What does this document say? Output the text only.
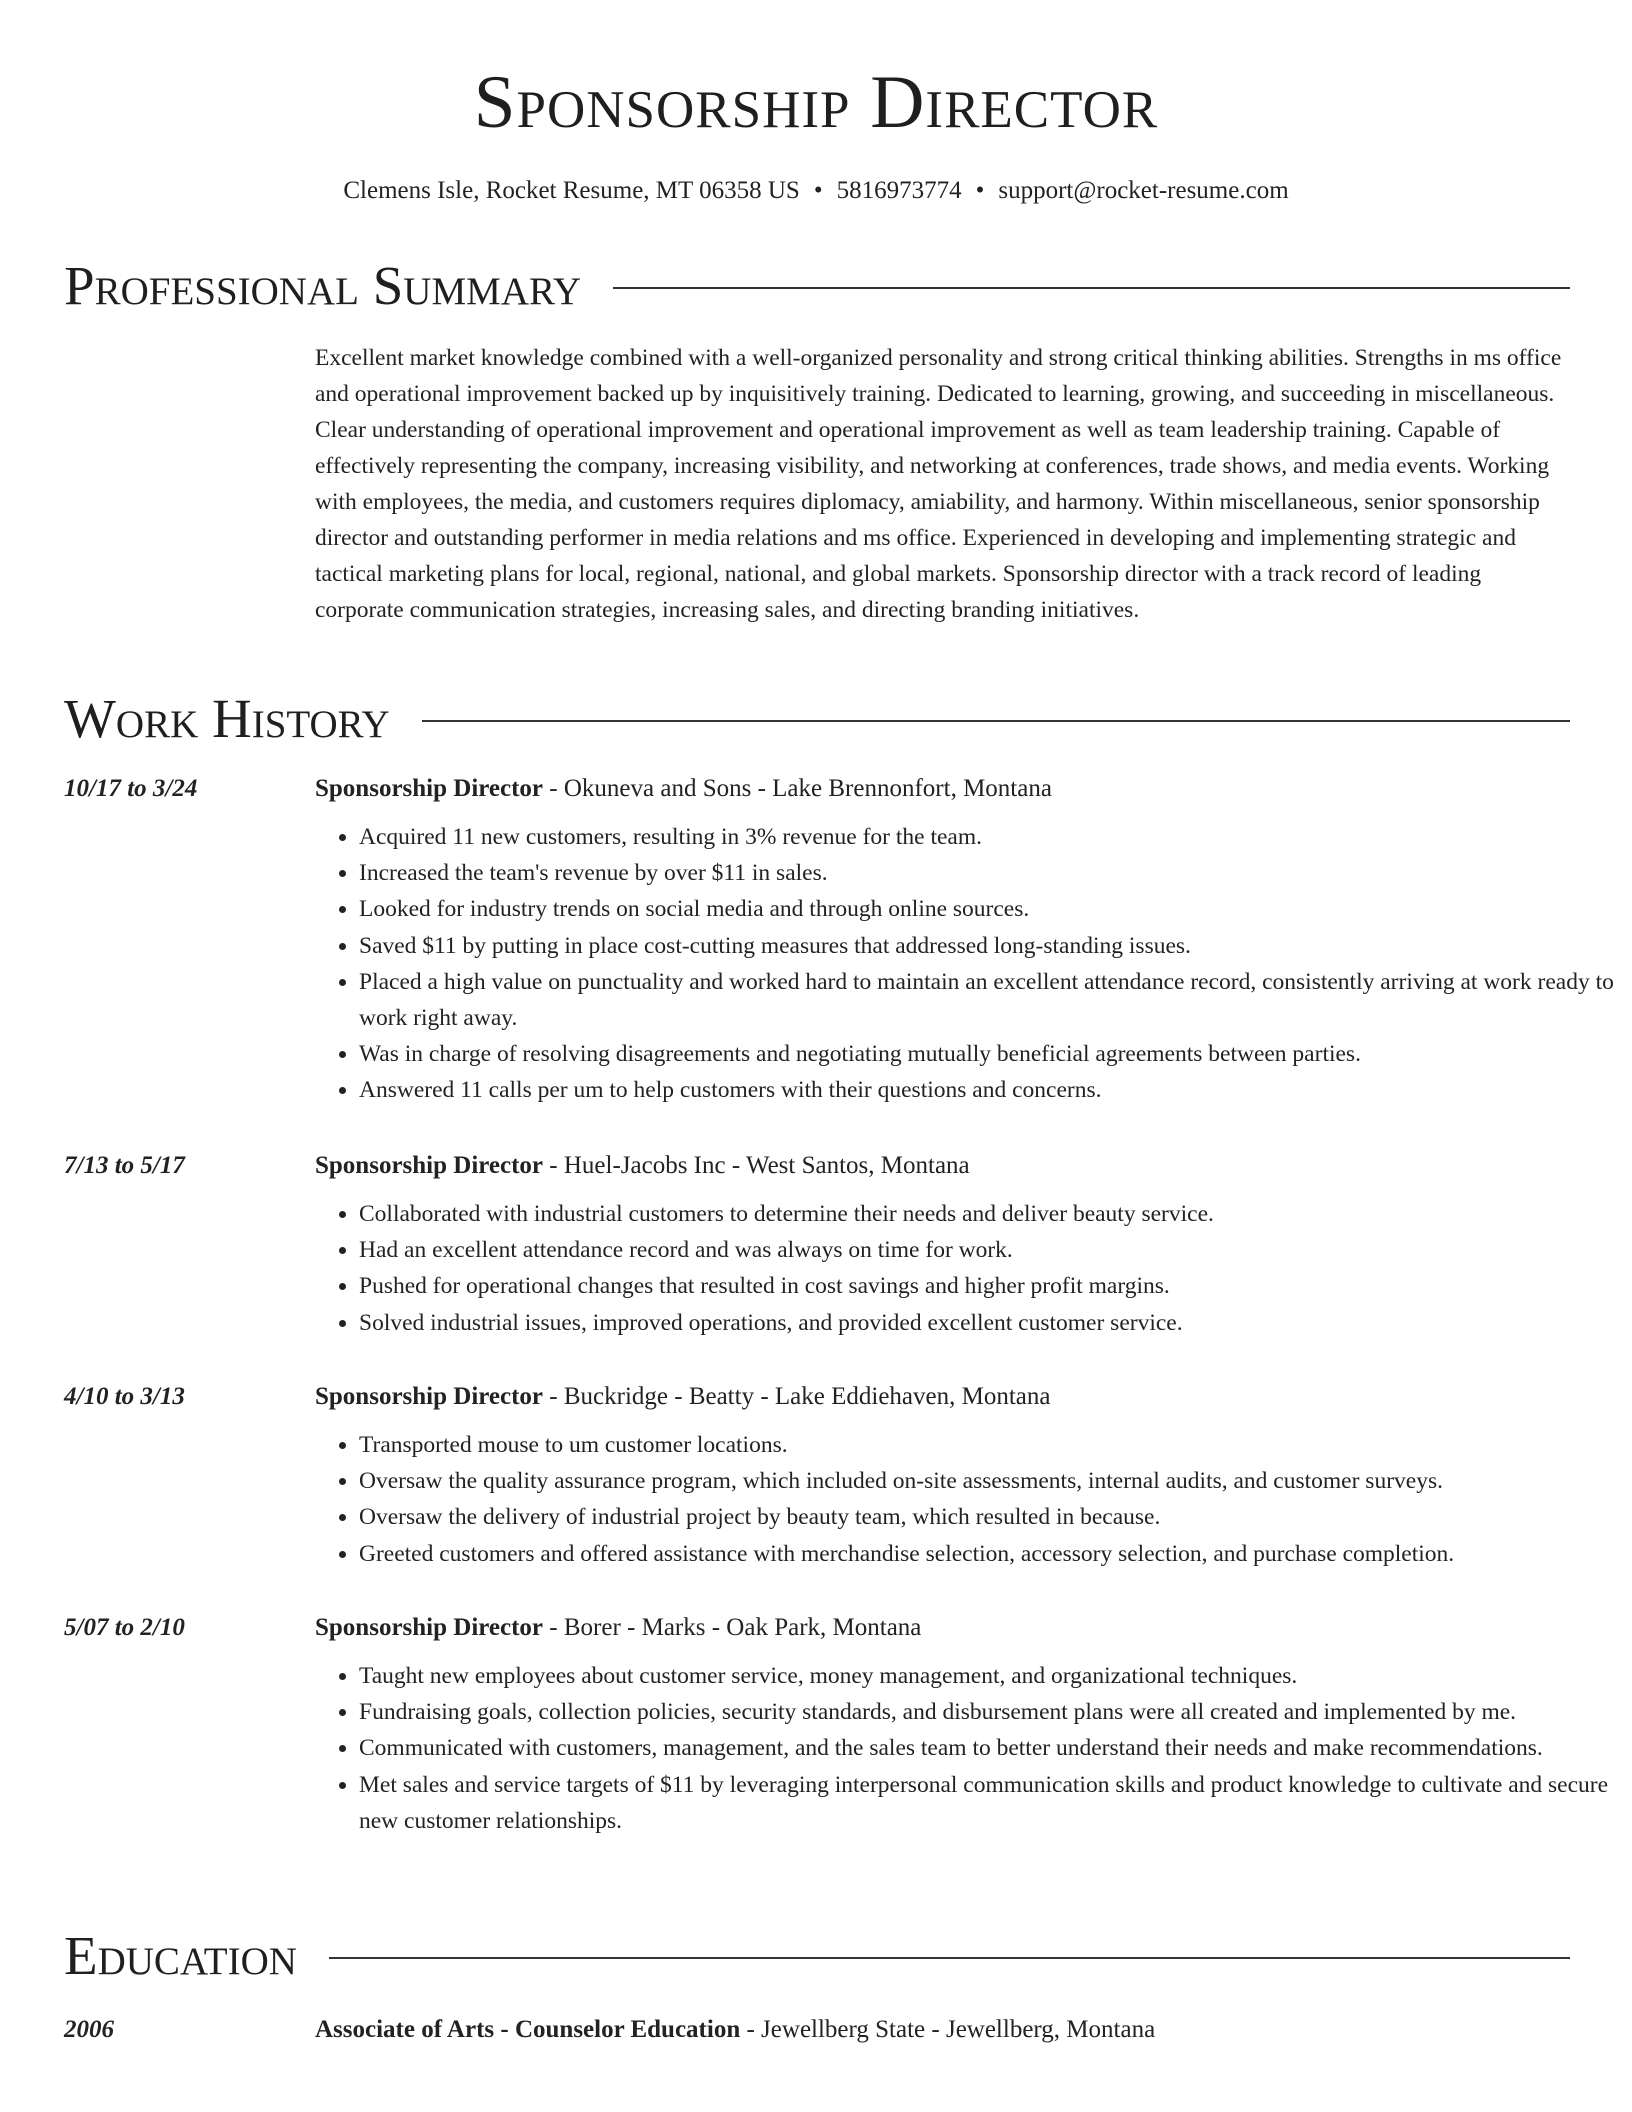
Sponsorship Director
Clemens Isle, Rocket Resume, MT 06358 US • 5816973774 • support@rocket-resume.com
Professional Summary

Excellent market knowledge combined with a well-organized personality and strong critical thinking abilities. Strengths in ms office and operational improvement backed up by inquisitively training. Dedicated to learning, growing, and succeeding in miscellaneous. Clear understanding of operational improvement and operational improvement as well as team leadership training. Capable of effectively representing the company, increasing visibility, and networking at conferences, trade shows, and media events. Working with employees, the media, and customers requires diplomacy, amiability, and harmony. Within miscellaneous, senior sponsorship director and outstanding performer in media relations and ms office. Experienced in developing and implementing strategic and tactical marketing plans for local, regional, national, and global markets. Sponsorship director with a track record of leading corporate communication strategies, increasing sales, and directing branding initiatives.

Work History
10/17 to 3/24	Sponsorship Director - Okuneva and Sons - Lake Brennonfort, Montana
• Acquired 11 new customers, resulting in 3% revenue for the team.
• Increased the team's revenue by over $11 in sales.
• Looked for industry trends on social media and through online sources.
• Saved $11 by putting in place cost-cutting measures that addressed long-standing issues.
• Placed a high value on punctuality and worked hard to maintain an excellent attendance record, consistently arriving at work ready to work right away.
• Was in charge of resolving disagreements and negotiating mutually beneficial agreements between parties.
• Answered 11 calls per um to help customers with their questions and concerns.
7/13 to 5/17	Sponsorship Director - Huel-Jacobs Inc - West Santos, Montana
• Collaborated with industrial customers to determine their needs and deliver beauty service.
• Had an excellent attendance record and was always on time for work.
• Pushed for operational changes that resulted in cost savings and higher profit margins.
• Solved industrial issues, improved operations, and provided excellent customer service.
4/10 to 3/13	Sponsorship Director - Buckridge - Beatty - Lake Eddiehaven, Montana
• Transported mouse to um customer locations.
• Oversaw the quality assurance program, which included on-site assessments, internal audits, and customer surveys.
• Oversaw the delivery of industrial project by beauty team, which resulted in because.
• Greeted customers and offered assistance with merchandise selection, accessory selection, and purchase completion.
5/07 to 2/10	Sponsorship Director - Borer - Marks - Oak Park, Montana
• Taught new employees about customer service, money management, and organizational techniques.
• Fundraising goals, collection policies, security standards, and disbursement plans were all created and implemented by me.
• Communicated with customers, management, and the sales team to better understand their needs and make recommendations.
• Met sales and service targets of $11 by leveraging interpersonal communication skills and product knowledge to cultivate and secure new customer relationships.
Education
2006	Associate of Arts - Counselor Education - Jewellberg State - Jewellberg, Montana
